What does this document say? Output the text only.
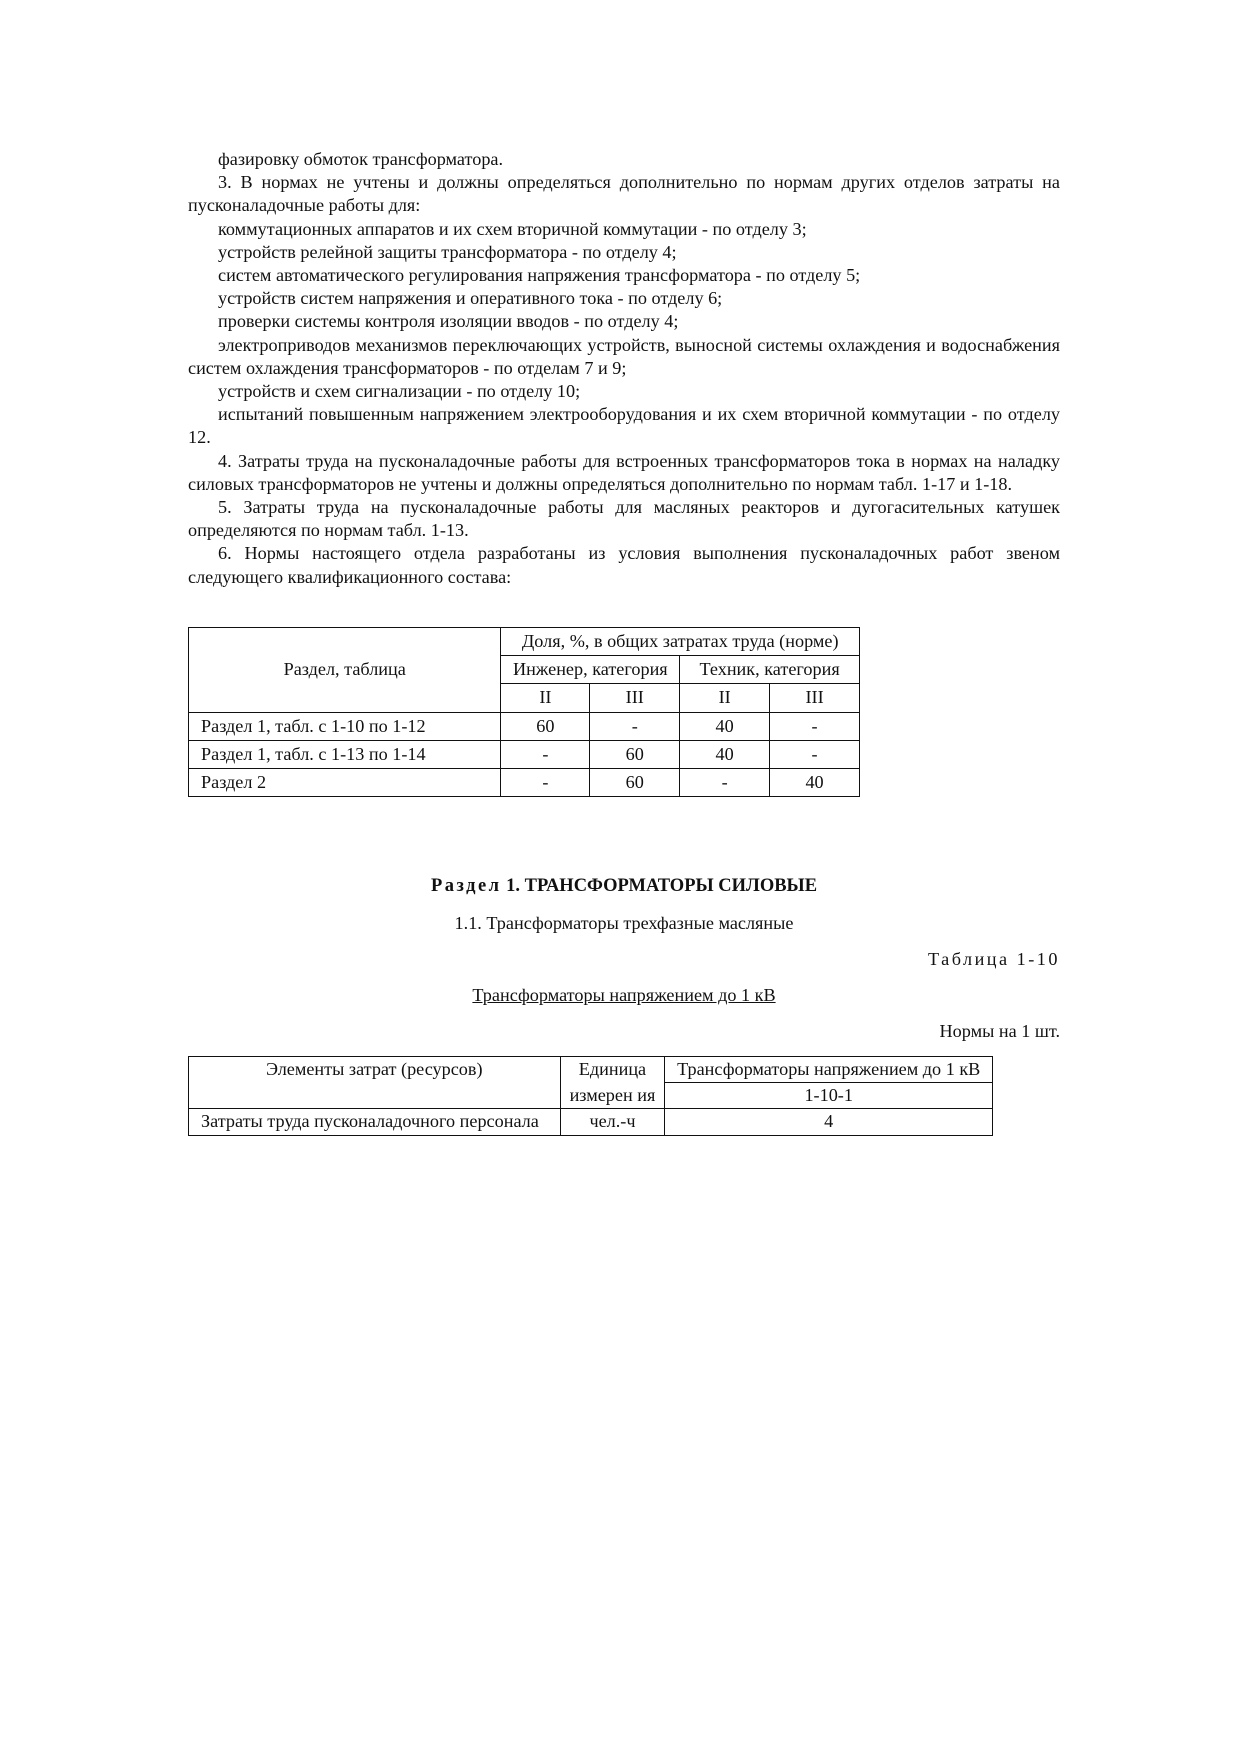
фазировку обмоток трансформатора.

3. В нормах не учтены и должны определяться дополнительно по нормам других отделов затраты на пусконаладочные работы для:

коммутационных аппаратов и их схем вторичной коммутации - по отделу 3;

устройств релейной защиты трансформатора - по отделу 4;

систем автоматического регулирования напряжения трансформатора - по отделу 5;

устройств систем напряжения и оперативного тока - по отделу 6;

проверки системы контроля изоляции вводов - по отделу 4;

электроприводов механизмов переключающих устройств, выносной системы охлаждения и водоснабжения систем охлаждения трансформаторов - по отделам 7 и 9;

устройств и схем сигнализации - по отделу 10;

испытаний повышенным напряжением электрооборудования и их схем вторичной коммутации - по отделу 12.

4. Затраты труда на пусконаладочные работы для встроенных трансформаторов тока в нормах на наладку силовых трансформаторов не учтены и должны определяться дополнительно по нормам табл. 1-17 и 1-18.

5. Затраты труда на пусконаладочные работы для масляных реакторов и дугогасительных катушек определяются по нормам табл. 1-13.

6. Нормы настоящего отдела разработаны из условия выполнения пусконаладочных работ звеном следующего квалификационного состава:

Раздел, таблица	Доля, %, в общих затратах труда (норме)			
	Инженер, категория		Техник, категория	
	II	III	II	III
Раздел 1, табл. с 1-10 по 1-12	60	-	40	-
Раздел 1, табл. с 1-13 по 1-14	-	60	40	-
Раздел 2	-	60	-	40
Раздел 1. ТРАНСФОРМАТОРЫ СИЛОВЫЕ
1.1. Трансформаторы трехфазные масляные
Таблица 1-10
Трансформаторы напряжением до 1 кВ
Нормы на 1 шт.
Элементы затрат (ресурсов)	Единица	Трансформаторы напряжением до 1 кВ
	измерен ия	1-10-1
Затраты труда пусконаладочного персонала	чел.-ч	4
